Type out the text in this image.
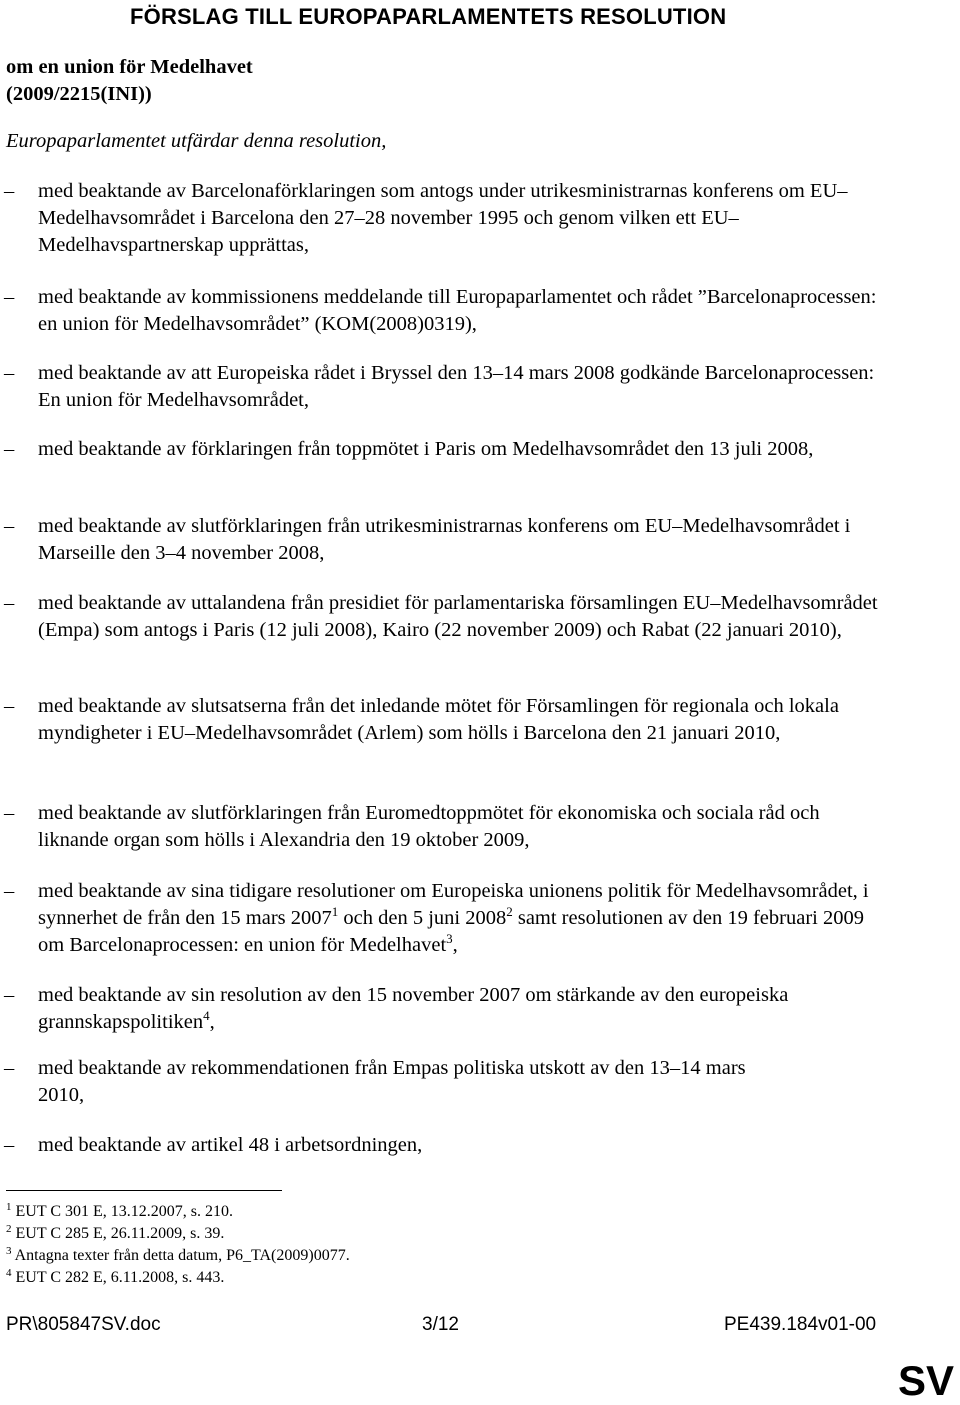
FÖRSLAG TILL EUROPAPARLAMENTETS RESOLUTION
om en union för Medelhavet
(2009/2215(INI))
Europaparlamentet utfärdar denna resolution,
–	med beaktande av Barcelonaförklaringen som antogs under utrikesministrarnas konferens om EU–Medelhavsområdet i Barcelona den 27–28 november 1995 och genom vilken ett EU–Medelhavspartnerskap upprättas,
–	med beaktande av kommissionens meddelande till Europaparlamentet och rådet ”Barcelonaprocessen: en union för Medelhavsområdet” (KOM(2008)0319),
–	med beaktande av att Europeiska rådet i Bryssel den 13–14 mars 2008 godkände Barcelonaprocessen: En union för Medelhavsområdet,
–	med beaktande av förklaringen från toppmötet i Paris om Medelhavsområdet den 13 juli 2008,
–	med beaktande av slutförklaringen från utrikesministrarnas konferens om EU–Medelhavsområdet i Marseille den 3–4 november 2008,
–	med beaktande av uttalandena från presidiet för parlamentariska församlingen EU–Medelhavsområdet (Empa) som antogs i Paris (12 juli 2008), Kairo (22 november 2009) och Rabat (22 januari 2010),
–	med beaktande av slutsatserna från det inledande mötet för Församlingen för regionala och lokala myndigheter i EU–Medelhavsområdet (Arlem) som hölls i Barcelona den 21 januari 2010,
–	med beaktande av slutförklaringen från Euromedtoppmötet för ekonomiska och sociala råd och liknande organ som hölls i Alexandria den 19 oktober 2009,
–	med beaktande av sina tidigare resolutioner om Europeiska unionens politik för Medelhavsområdet, i synnerhet de från den 15 mars 2007$^1$ och den 5 juni 2008$^2$ samt resolutionen av den 19 februari 2009 om Barcelonaprocessen: en union för Medelhavet$^3$,
–	med beaktande av sin resolution av den 15 november 2007 om stärkande av den europeiska grannskapspolitiken$^4$,
–	med beaktande av rekommendationen från Empas politiska utskott av den 13–14 mars 2010,
–	med beaktande av artikel 48 i arbetsordningen,
$^1$ EUT C 301 E, 13.12.2007, s. 210.
$^2$ EUT C 285 E, 26.11.2009, s. 39.
$^3$ Antagna texter från detta datum, P6_TA(2009)0077.
$^4$ EUT C 282 E, 6.11.2008, s. 443.
PR\805847SV.doc	3/12	PE439.184v01-00
SV
